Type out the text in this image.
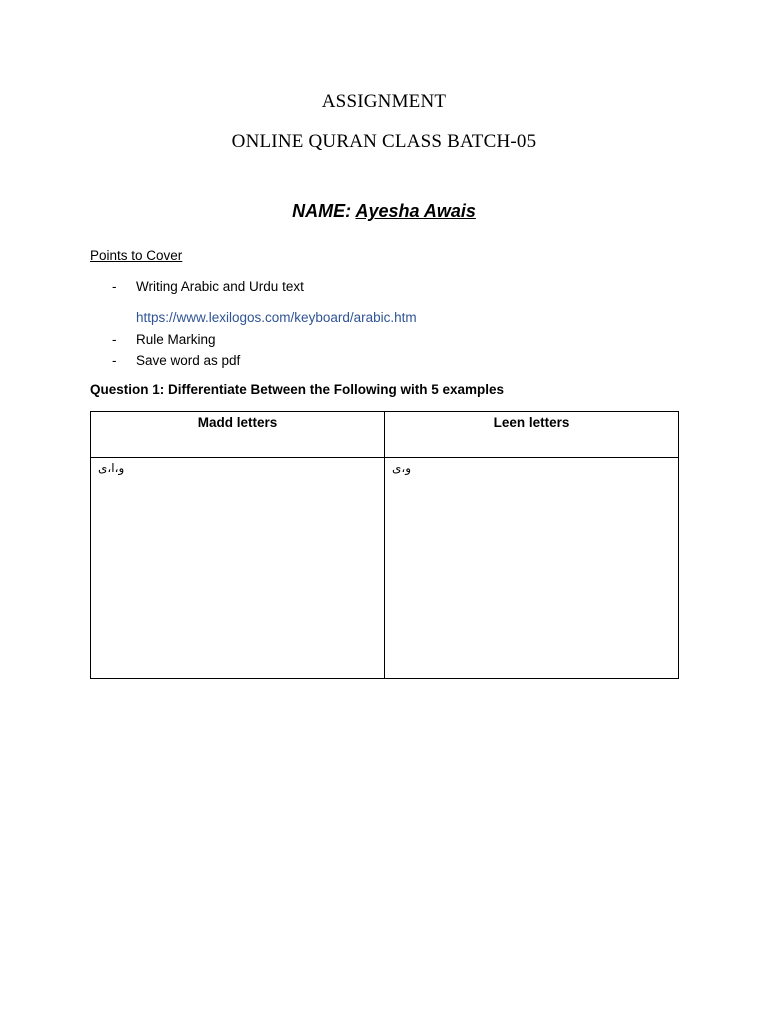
ASSIGNMENT
ONLINE QURAN CLASS BATCH-05
NAME: Ayesha Awais
Points to Cover
- Writing Arabic and Urdu text
https://www.lexilogos.com/keyboard/arabic.htm
- Rule Marking
- Save word as pdf
Question 1: Differentiate Between the Following with 5 examples
Madd letters	Leen letters
و،ا،ی	و،ی
